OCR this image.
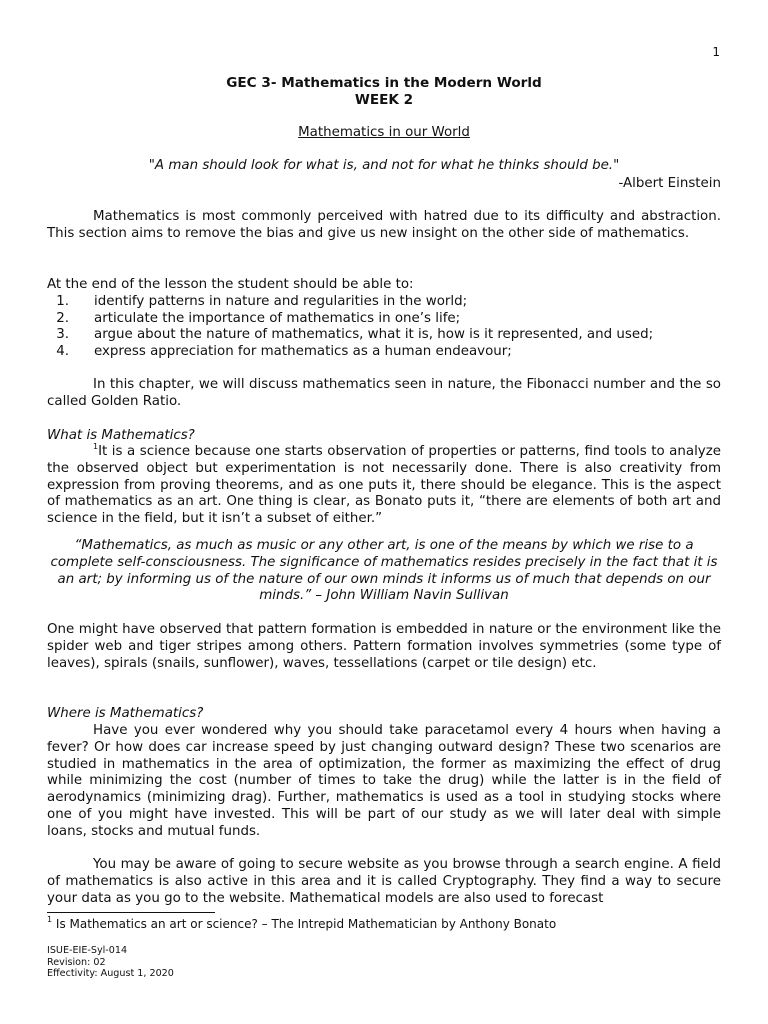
1
GEC 3- Mathematics in the Modern World
WEEK 2
Mathematics in our World
"A man should look for what is, and not for what he thinks should be."
-Albert Einstein
Mathematics is most commonly perceived with hatred due to its difficulty and abstraction. This section aims to remove the bias and give us new insight on the other side of mathematics.
At the end of the lesson the student should be able to:
1.	identify patterns in nature and regularities in the world;
2.	articulate the importance of mathematics in one’s life;
3.	argue about the nature of mathematics, what it is, how is it represented, and used;
4.	express appreciation for mathematics as a human endeavour;
In this chapter, we will discuss mathematics seen in nature, the Fibonacci number and the so called Golden Ratio.
What is Mathematics?
$^1$It is a science because one starts observation of properties or patterns, find tools to analyze the observed object but experimentation is not necessarily done. There is also creativity from expression from proving theorems, and as one puts it, there should be elegance. This is the aspect of mathematics as an art. One thing is clear, as Bonato puts it, “there are elements of both art and science in the field, but it isn’t a subset of either.”
“Mathematics, as much as music or any other art, is one of the means by which we rise to a complete self-consciousness. The significance of mathematics resides precisely in the fact that it is an art; by informing us of the nature of our own minds it informs us of much that depends on our minds.” – John William Navin Sullivan
One might have observed that pattern formation is embedded in nature or the environment like the spider web and tiger stripes among others. Pattern formation involves symmetries (some type of leaves), spirals (snails, sunflower), waves, tessellations (carpet or tile design) etc.
Where is Mathematics?
Have you ever wondered why you should take paracetamol every 4 hours when having a fever? Or how does car increase speed by just changing outward design? These two scenarios are studied in mathematics in the area of optimization, the former as maximizing the effect of drug while minimizing the cost (number of times to take the drug) while the latter is in the field of aerodynamics (minimizing drag). Further, mathematics is used as a tool in studying stocks where one of you might have invested. This will be part of our study as we will later deal with simple loans, stocks and mutual funds.
You may be aware of going to secure website as you browse through a search engine. A field of mathematics is also active in this area and it is called Cryptography. They find a way to secure your data as you go to the website. Mathematical models are also used to forecast
$^1$ Is Mathematics an art or science? – The Intrepid Mathematician by Anthony Bonato
ISUE-EIE-Syl-014
Revision: 02
Effectivity: August 1, 2020
